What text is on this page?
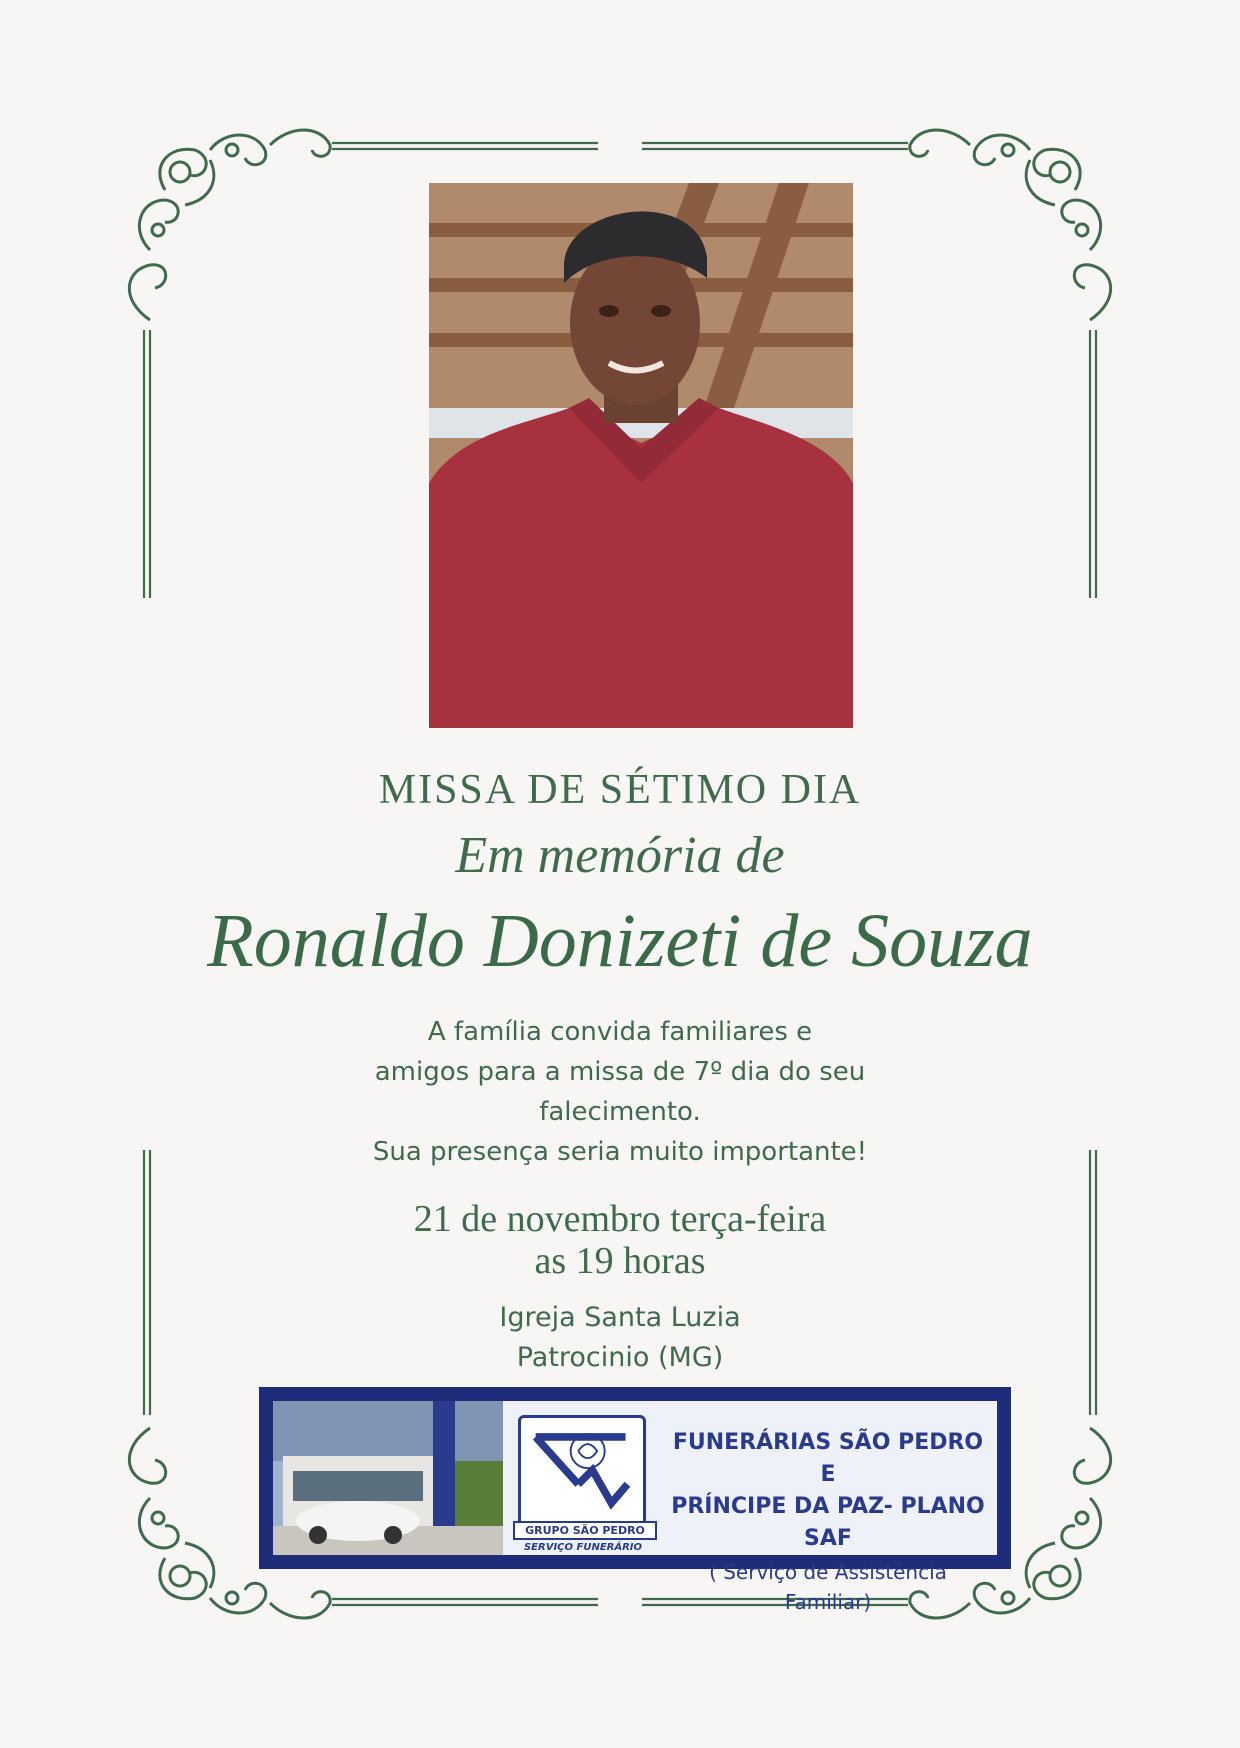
MISSA DE SÉTIMO DIA

Em memória de

Ronaldo Donizeti de Souza

A família convida familiares e
amigos para a missa de 7º dia do seu
falecimento.
Sua presença seria muito importante!
21 de novembro terça-feira
as 19 horas
Igreja Santa Luzia
Patrocinio (MG)
GRUPO SÃO PEDRO
SERVIÇO FUNERÁRIO
FUNERÁRIAS SÃO PEDRO E
PRÍNCIPE DA PAZ- PLANO SAF
( Serviço de Assistência Familiar)
